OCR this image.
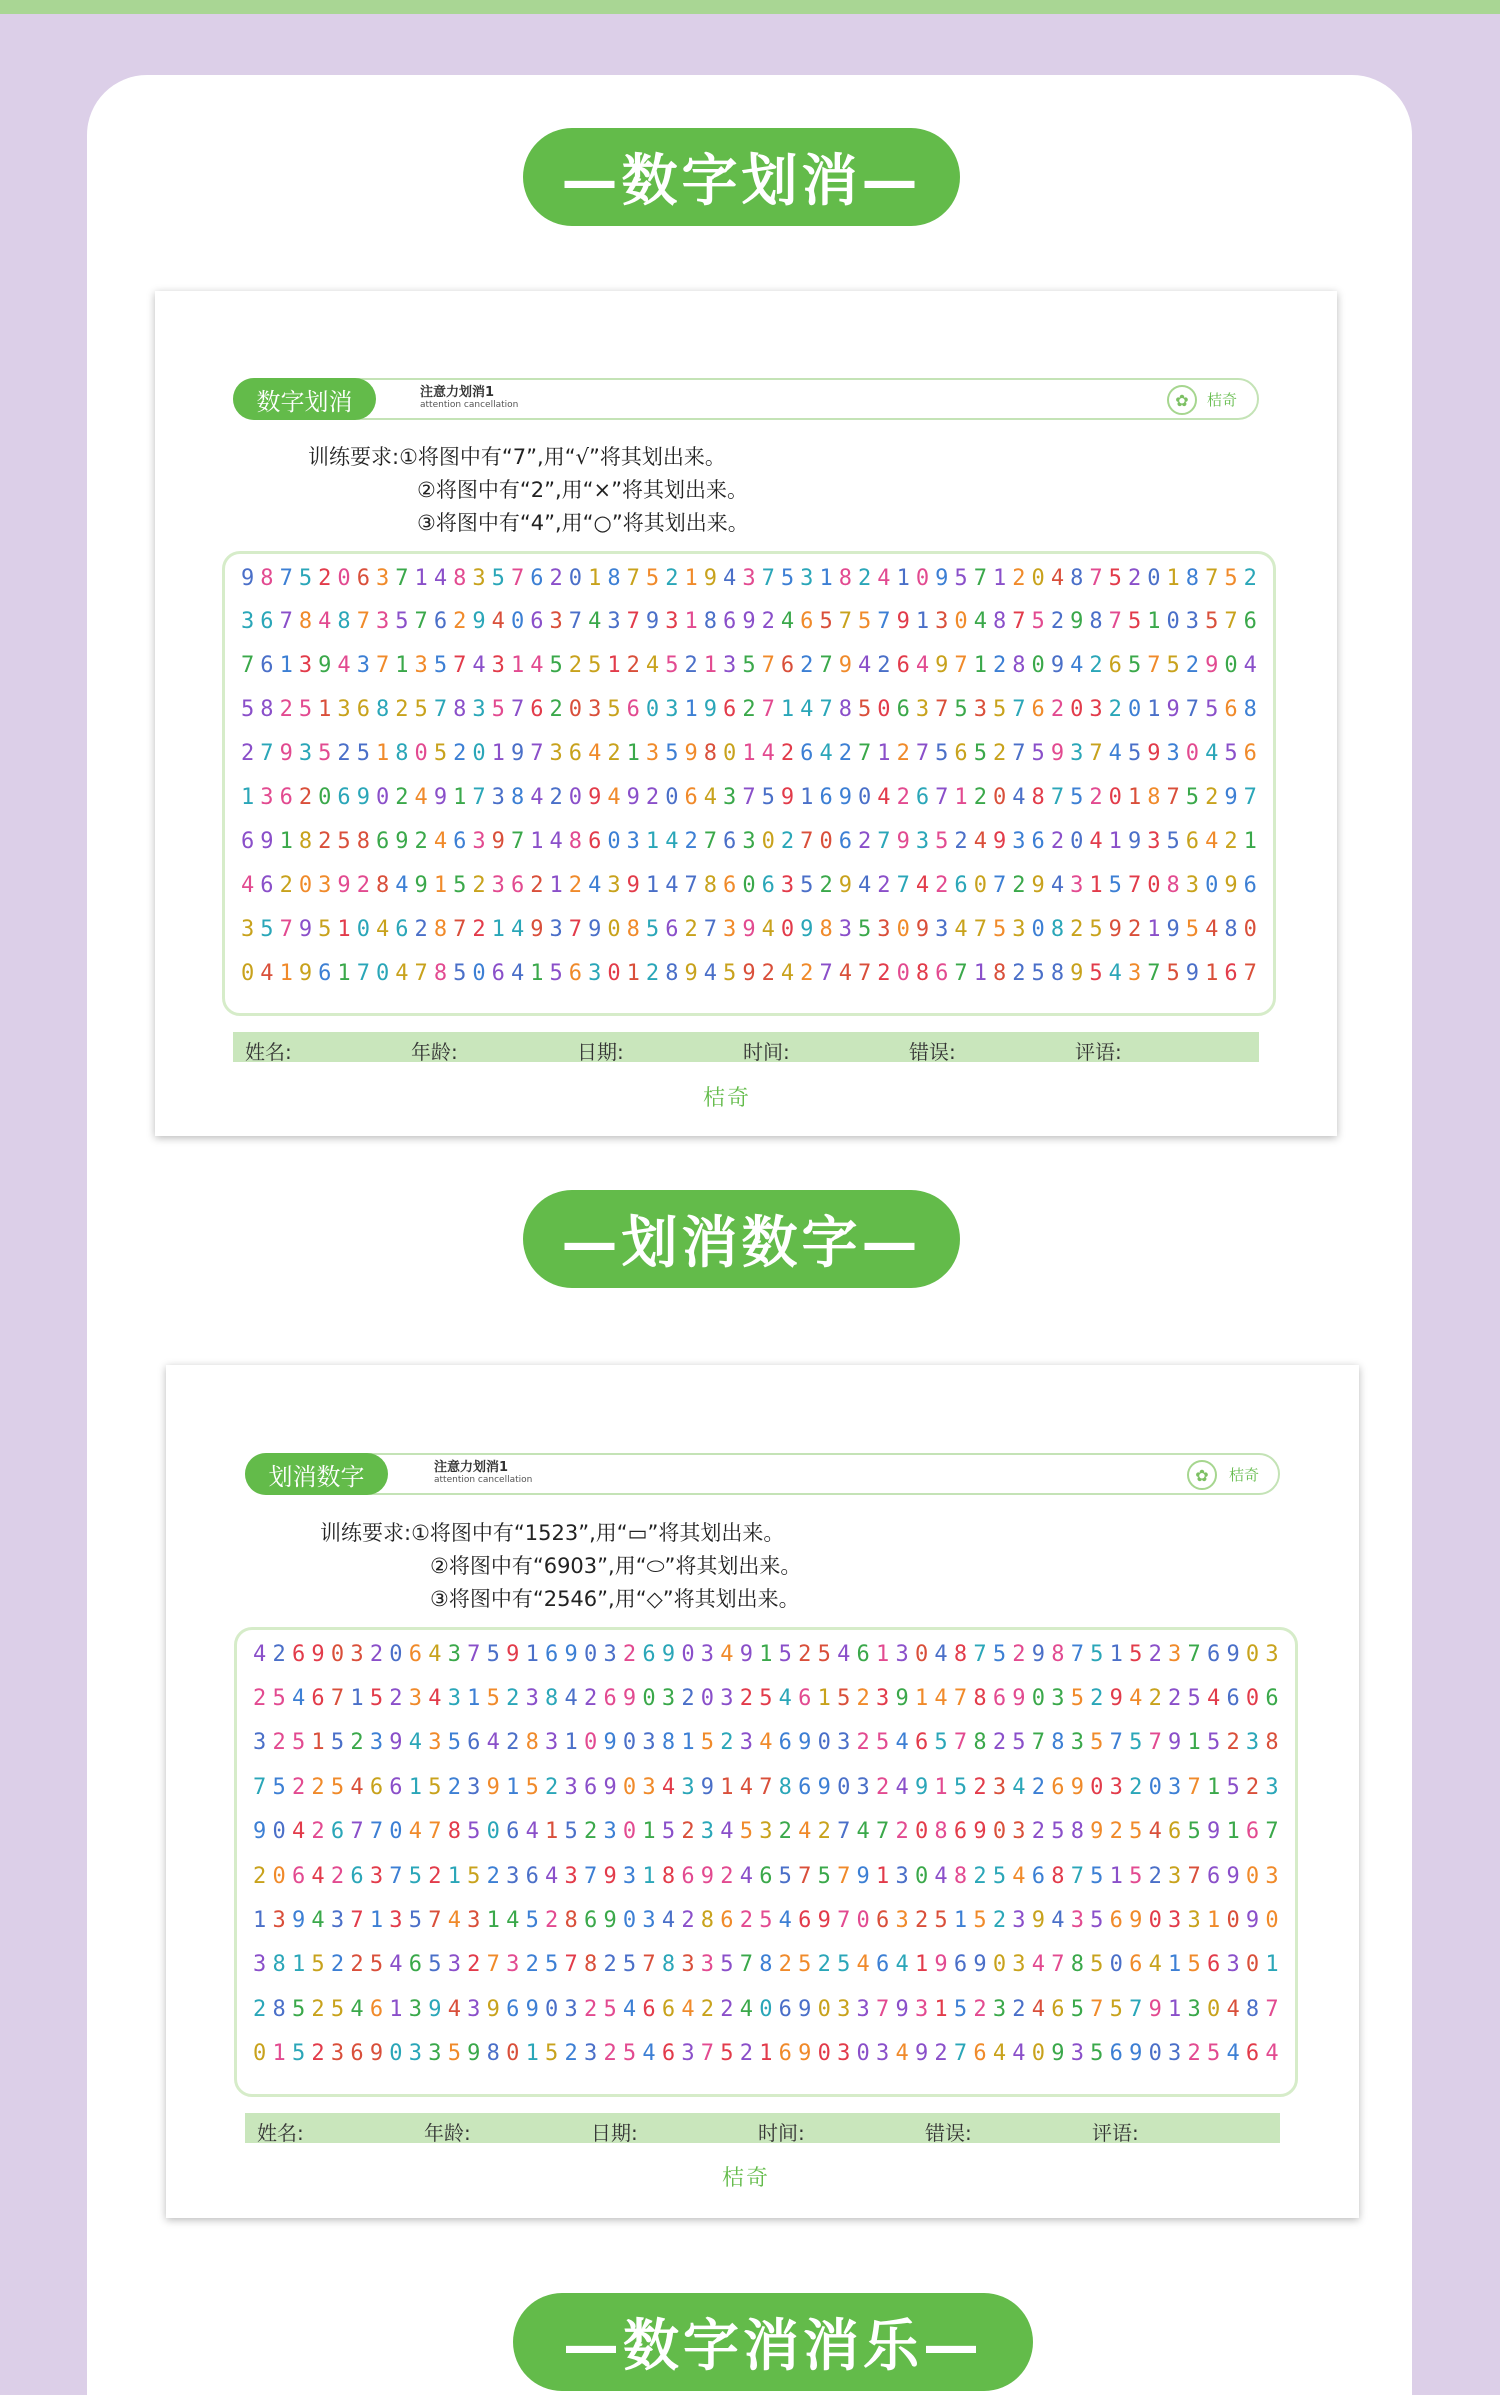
—数字划消—
数字划消	注意力划消1
attention cancellation	✿	桔奇
训练要求:①将图中有“7”,用“√”将其划出来。
②将图中有“2”,用“×”将其划出来。
③将图中有“4”,用“○”将其划出来。
9 8 7 5 2 0 6 3 7 1 4 8 3 5 7 6 2 0 1 8 7 5 2 1 9 4 3 7 5 3 1 8 2 4 1 0 9 5 7 1 2 0 4 8 7 5 2 0 1 8 7 5 2
3 6 7 8 4 8 7 3 5 7 6 2 9 4 0 6 3 7 4 3 7 9 3 1 8 6 9 2 4 6 5 7 5 7 9 1 3 0 4 8 7 5 2 9 8 7 5 1 0 3 5 7 6
7 6 1 3 9 4 3 7 1 3 5 7 4 3 1 4 5 2 5 1 2 4 5 2 1 3 5 7 6 2 7 9 4 2 6 4 9 7 1 2 8 0 9 4 2 6 5 7 5 2 9 0 4
5 8 2 5 1 3 6 8 2 5 7 8 3 5 7 6 2 0 3 5 6 0 3 1 9 6 2 7 1 4 7 8 5 0 6 3 7 5 3 5 7 6 2 0 3 2 0 1 9 7 5 6 8
2 7 9 3 5 2 5 1 8 0 5 2 0 1 9 7 3 6 4 2 1 3 5 9 8 0 1 4 2 6 4 2 7 1 2 7 5 6 5 2 7 5 9 3 7 4 5 9 3 0 4 5 6
1 3 6 2 0 6 9 0 2 4 9 1 7 3 8 4 2 0 9 4 9 2 0 6 4 3 7 5 9 1 6 9 0 4 2 6 7 1 2 0 4 8 7 5 2 0 1 8 7 5 2 9 7
6 9 1 8 2 5 8 6 9 2 4 6 3 9 7 1 4 8 6 0 3 1 4 2 7 6 3 0 2 7 0 6 2 7 9 3 5 2 4 9 3 6 2 0 4 1 9 3 5 6 4 2 1
4 6 2 0 3 9 2 8 4 9 1 5 2 3 6 2 1 2 4 3 9 1 4 7 8 6 0 6 3 5 2 9 4 2 7 4 2 6 0 7 2 9 4 3 1 5 7 0 8 3 0 9 6
3 5 7 9 5 1 0 4 6 2 8 7 2 1 4 9 3 7 9 0 8 5 6 2 7 3 9 4 0 9 8 3 5 3 0 9 3 4 7 5 3 0 8 2 5 9 2 1 9 5 4 8 0
0 4 1 9 6 1 7 0 4 7 8 5 0 6 4 1 5 6 3 0 1 2 8 9 4 5 9 2 4 2 7 4 7 2 0 8 6 7 1 8 2 5 8 9 5 4 3 7 5 9 1 6 7
姓名:	年龄:	日期:	时间:	错误:	评语:
桔奇
—划消数字—
划消数字	注意力划消1
attention cancellation	✿	桔奇
训练要求:①将图中有“1523”,用“▭”将其划出来。
②将图中有“6903”,用“⬭”将其划出来。
③将图中有“2546”,用“◇”将其划出来。
4 2 6 9 0 3 2 0 6 4 3 7 5 9 1 6 9 0 3 2 6 9 0 3 4 9 1 5 2 5 4 6 1 3 0 4 8 7 5 2 9 8 7 5 1 5 2 3 7 6 9 0 3
2 5 4 6 7 1 5 2 3 4 3 1 5 2 3 8 4 2 6 9 0 3 2 0 3 2 5 4 6 1 5 2 3 9 1 4 7 8 6 9 0 3 5 2 9 4 2 2 5 4 6 0 6
3 2 5 1 5 2 3 9 4 3 5 6 4 2 8 3 1 0 9 0 3 8 1 5 2 3 4 6 9 0 3 2 5 4 6 5 7 8 2 5 7 8 3 5 7 5 7 9 1 5 2 3 8
7 5 2 2 5 4 6 6 1 5 2 3 9 1 5 2 3 6 9 0 3 4 3 9 1 4 7 8 6 9 0 3 2 4 9 1 5 2 3 4 2 6 9 0 3 2 0 3 7 1 5 2 3
9 0 4 2 6 7 7 0 4 7 8 5 0 6 4 1 5 2 3 0 1 5 2 3 4 5 3 2 4 2 7 4 7 2 0 8 6 9 0 3 2 5 8 9 2 5 4 6 5 9 1 6 7
2 0 6 4 2 6 3 7 5 2 1 5 2 3 6 4 3 7 9 3 1 8 6 9 2 4 6 5 7 5 7 9 1 3 0 4 8 2 5 4 6 8 7 5 1 5 2 3 7 6 9 0 3
1 3 9 4 3 7 1 3 5 7 4 3 1 4 5 2 8 6 9 0 3 4 2 8 6 2 5 4 6 9 7 0 6 3 2 5 1 5 2 3 9 4 3 5 6 9 0 3 3 1 0 9 0
3 8 1 5 2 2 5 4 6 5 3 2 7 3 2 5 7 8 2 5 7 8 3 3 5 7 8 2 5 2 5 4 6 4 1 9 6 9 0 3 4 7 8 5 0 6 4 1 5 6 3 0 1
2 8 5 2 5 4 6 1 3 9 4 3 9 6 9 0 3 2 5 4 6 6 4 2 2 4 0 6 9 0 3 3 7 9 3 1 5 2 3 2 4 6 5 7 5 7 9 1 3 0 4 8 7
0 1 5 2 3 6 9 0 3 3 5 9 8 0 1 5 2 3 2 5 4 6 3 7 5 2 1 6 9 0 3 0 3 4 9 2 7 6 4 4 0 9 3 5 6 9 0 3 2 5 4 6 4
姓名:	年龄:	日期:	时间:	错误:	评语:
桔奇
—数字消消乐—
